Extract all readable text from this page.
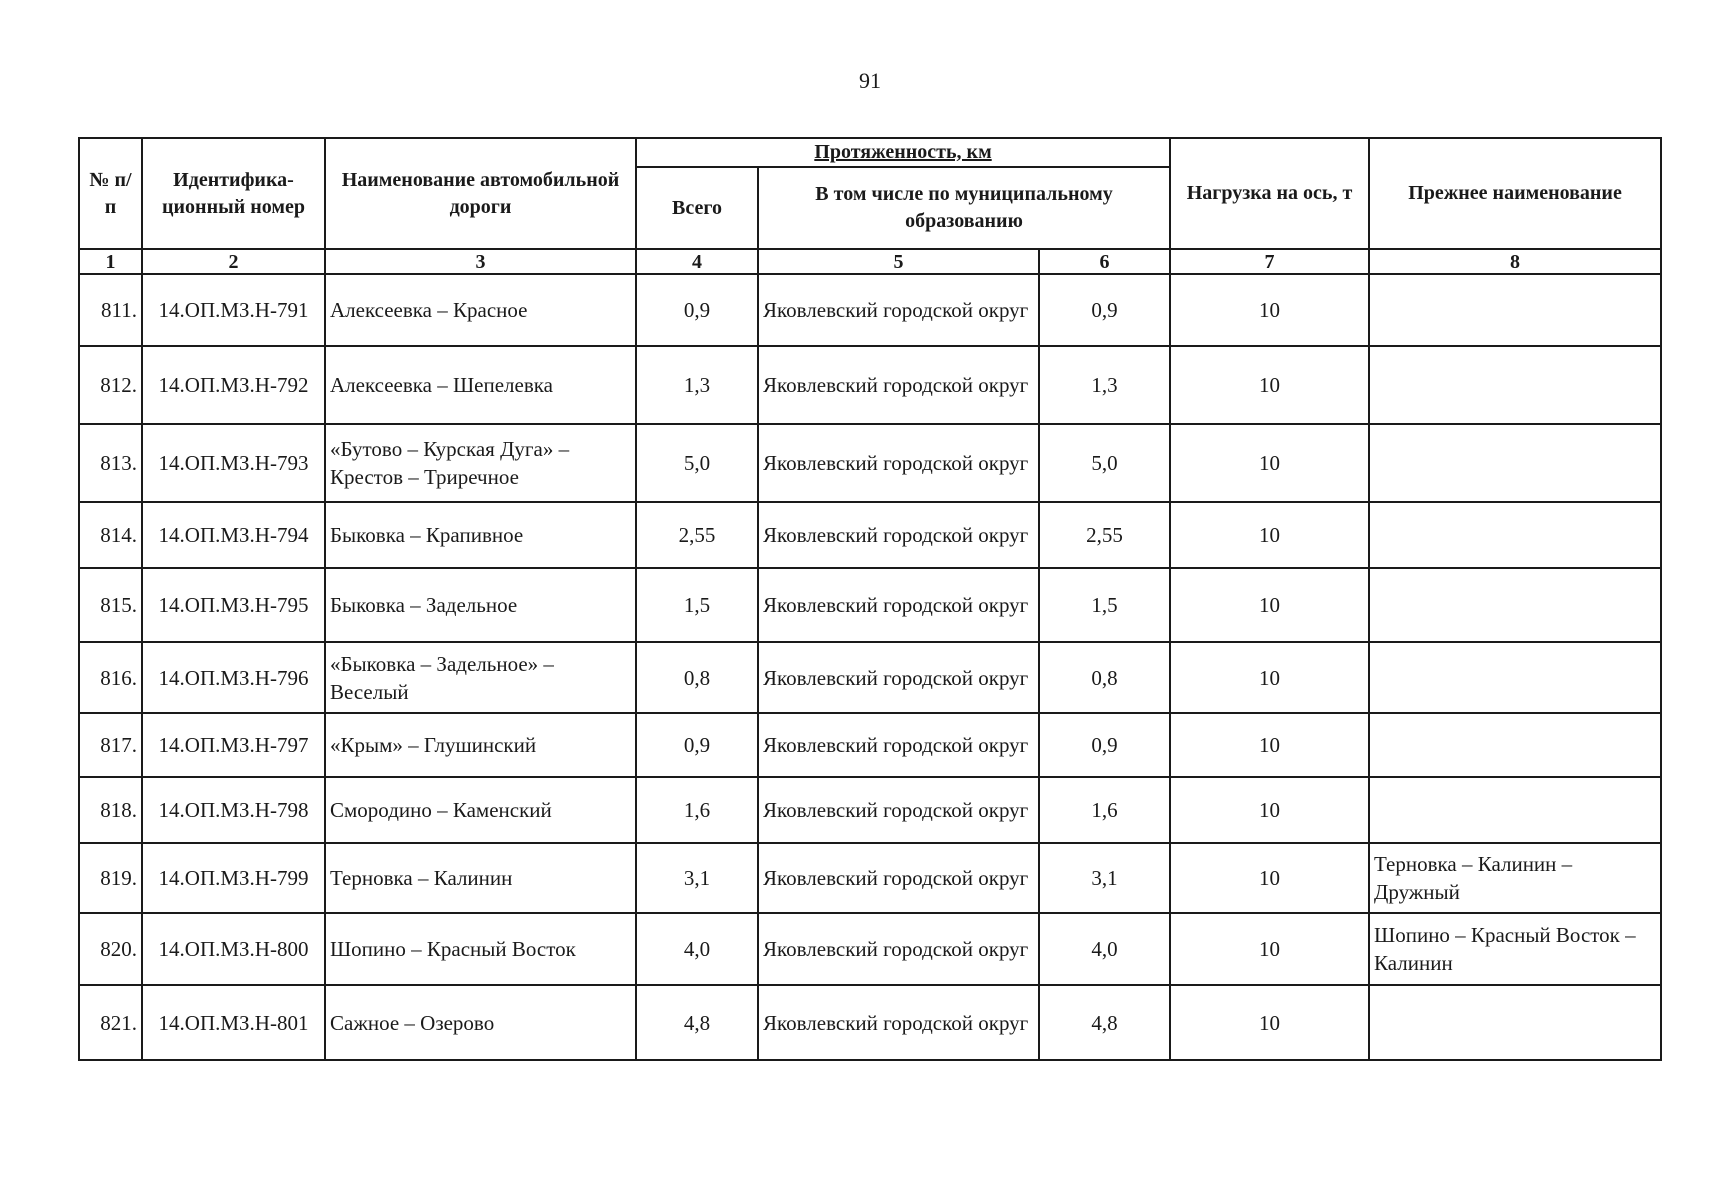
91
№ п/п	Идентифика-ционный номер	Наименование автомобильной дороги	Протяженность, км			Нагрузка на ось, т	Прежнее наименование
			Всего	В том числе по муниципальному образованию			
1	2	3	4	5	6	7	8
811.	14.ОП.МЗ.Н-791	Алексеевка – Красное	0,9	Яковлевский городской округ	0,9	10	
812.	14.ОП.МЗ.Н-792	Алексеевка – Шепелевка	1,3	Яковлевский городской округ	1,3	10	
813.	14.ОП.МЗ.Н-793	«Бутово – Курская Дуга» – Крестов – Триречное	5,0	Яковлевский городской округ	5,0	10	
814.	14.ОП.МЗ.Н-794	Быковка – Крапивное	2,55	Яковлевский городской округ	2,55	10	
815.	14.ОП.МЗ.Н-795	Быковка – Задельное	1,5	Яковлевский городской округ	1,5	10	
816.	14.ОП.МЗ.Н-796	«Быковка – Задельное» – Веселый	0,8	Яковлевский городской округ	0,8	10	
817.	14.ОП.МЗ.Н-797	«Крым» – Глушинский	0,9	Яковлевский городской округ	0,9	10	
818.	14.ОП.МЗ.Н-798	Смородино – Каменский	1,6	Яковлевский городской округ	1,6	10	
819.	14.ОП.МЗ.Н-799	Терновка – Калинин	3,1	Яковлевский городской округ	3,1	10	Терновка – Калинин – Дружный
820.	14.ОП.МЗ.Н-800	Шопино – Красный Восток	4,0	Яковлевский городской округ	4,0	10	Шопино – Красный Восток – Калинин
821.	14.ОП.МЗ.Н-801	Сажное – Озерово	4,8	Яковлевский городской округ	4,8	10	
